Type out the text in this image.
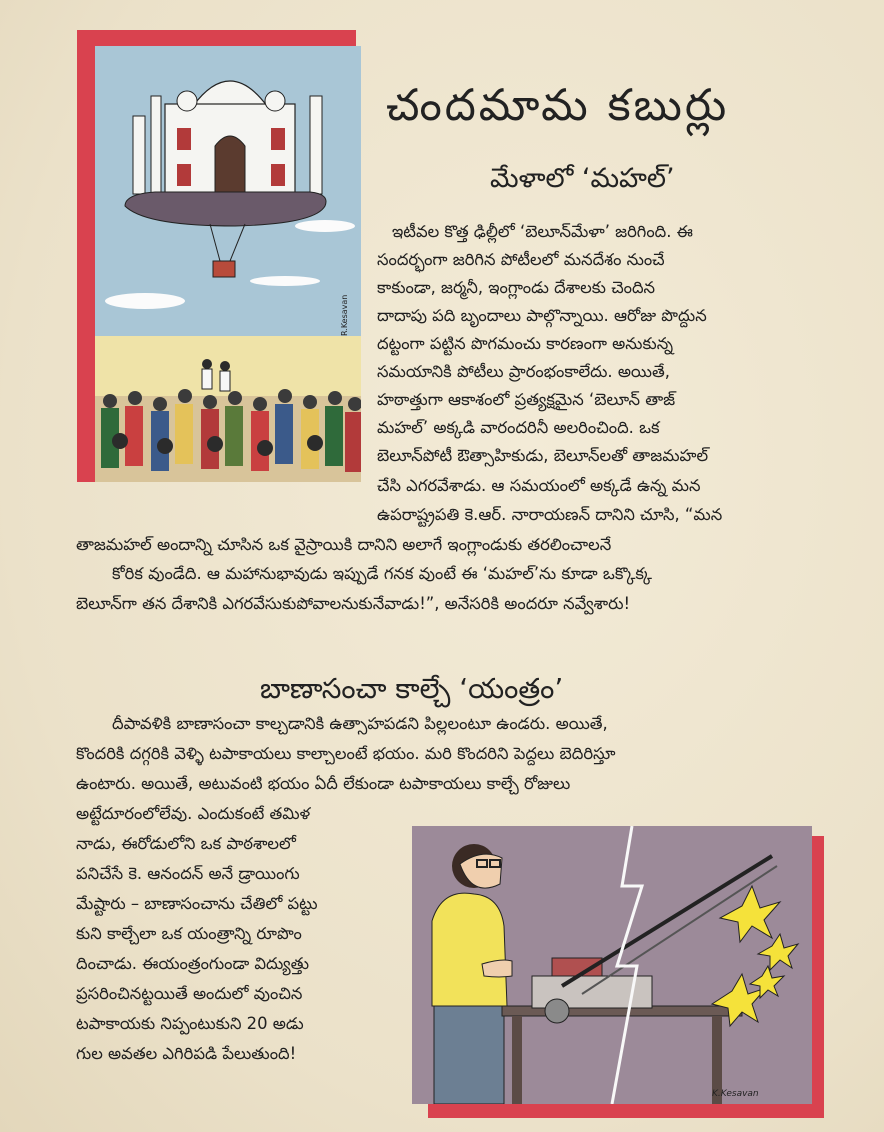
R.Kesavan
చందమామ కబుర్లు
మేళాలో ‘మహల్’
ఇటీవల కొత్త ఢిల్లీలో ‘బెలూన్‌మేళా’ జరిగింది. ఈ
సందర్భంగా జరిగిన పోటీలలో మనదేశం నుంచే
కాకుండా, జర్మనీ, ఇంగ్లాండు దేశాలకు చెందిన
దాదాపు పది బృందాలు పాల్గొన్నాయి. ఆరోజు పొద్దున
దట్టంగా పట్టిన పొగమంచు కారణంగా అనుకున్న
సమయానికి పోటీలు ప్రారంభంకాలేదు. అయితే,
హఠాత్తుగా ఆకాశంలో ప్రత్యక్షమైన ‘బెలూన్ తాజ్
మహల్’ అక్కడి వారందరినీ అలరించింది. ఒక
బెలూన్‌పోటీ ఔత్సాహికుడు, బెలూన్‌లతో తాజమహల్
చేసి ఎగరవేశాడు. ఆ సమయంలో అక్కడే ఉన్న మన
ఉపరాష్ట్రపతి కె.ఆర్. నారాయణన్ దానిని చూసి, “మన
తాజమహల్ అందాన్ని చూసిన ఒక వైస్రాయికి దానిని అలాగే ఇంగ్లాండుకు తరలించాలనే
కోరిక వుండేది. ఆ మహానుభావుడు ఇప్పుడే గనక వుంటే ఈ ‘మహల్’ను కూడా ఒక్కొక్క
బెలూన్‌గా తన దేశానికి ఎగరవేసుకుపోవాలనుకునేవాడు!”, అనేసరికి అందరూ నవ్వేశారు!
బాణాసంచా కాల్చే ‘యంత్రం’
దీపావళికి బాణాసంచా కాల్చడానికి ఉత్సాహపడని పిల్లలంటూ ఉండరు. అయితే,
కొందరికి దగ్గరికి వెళ్ళి టపాకాయలు కాల్చాలంటే భయం. మరి కొందరిని పెద్దలు బెదిరిస్తూ
ఉంటారు. అయితే, అటువంటి భయం ఏదీ లేకుండా టపాకాయలు కాల్చే రోజులు
అట్టేదూరంలోలేవు. ఎందుకంటే తమిళ
నాడు, ఈరోడులోని ఒక పాఠశాలలో
పనిచేసే కె. ఆనందన్ అనే డ్రాయింగు
మేష్టారు – బాణాసంచాను చేతిలో పట్టు
కుని కాల్చేలా ఒక యంత్రాన్ని రూపొం
దించాడు. ఈయంత్రంగుండా విద్యుత్తు
ప్రసరించినట్టయితే అందులో వుంచిన
టపాకాయకు నిప్పంటుకుని 20 అడు
గుల అవతల ఎగిరిపడి పేలుతుంది!
K.Kesavan
